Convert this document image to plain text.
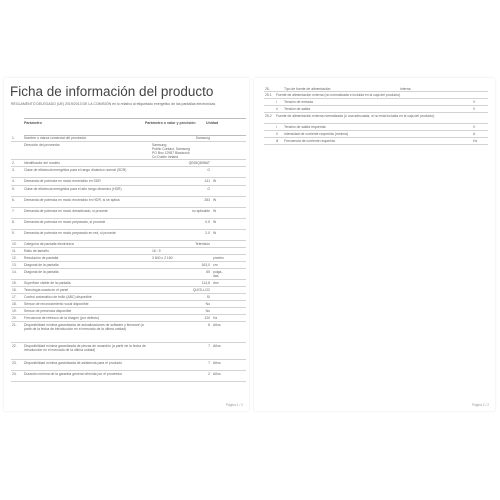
Ficha de información del producto
REGLAMENTO DELEGADO (UE) 2019/2013 DE LA COMISIÓN en lo relativo al etiquetado energético de las pantallas electrónicas
Parámetro	Parámetro o valor y precisión	Unidad
1.	Nombre o marca comercial del proveedor	Samsung
Dirección del proveedor	Samsung
Public Contact, Samsung
PO Box 12987 Blackrock
Co Dublin Ireland
2.	Identificador del modelo	QE65Q80BAT
3.	Clase de eficiencia energética para el rango dinámico normal (SDR)	G
4.	Demanda de potencia en modo encendido en SDR	141 W
5.	Clase de eficiencia energética para el alto rango dinámico (HDR)	G
6.	Demanda de potencia en modo encendido en HDR, si se aplica	283 W
7.	Demanda de potencia en modo desactivado, si procede	no aplicable W
8.	Demanda de potencia en modo preparado, si procede	0.5 W
9.	Demanda de potencia en modo preparado en red, si procede	2.0 W
10.	Categoría de pantalla electrónica	Televisión
11.	Ratio de tamaño	16 : 9
12.	Resolución de pantalla	3 840 x 2 160	píxeles
13.	Diagonal de la pantalla	163,0 cm
14.	Diagonal de la pantalla	65 pulga-
das
15.	Superficie visible de la pantalla	114,8 dm²
16.	Tecnología usada en el panel	QLED-LCD
17.	Control automático de brillo (ABC) disponible	Sí
18.	Sensor de reconocimiento vocal disponible	No
19.	Sensor de presencia disponible	No
20.	Frecuencia de refresco de la imagen (por defecto)	120 Hz
21.	Disponibilidad mínima garantizada de actualizaciones de software y firmware (a partir de la fecha de introducción en el mercado de la última unidad)
8 Años
22.	Disponibilidad mínima garantizada de piezas de recambio (a partir de la fecha de introducción en el mercado de la última unidad)
7 Años
23.	Disponibilidad mínima garantizada de asistencia para el producto	7 Años
24.	Duración mínima de la garantía general ofrecida por el proveedor	2 Años
Página 1 / 2
25.	Tipo de fuente de alimentación:	Interna
25.1	Fuente de alimentación externa (no normalizada e incluida en la caja del producto)
i	Tensión de entrada	V
ii	Tensión de salida	V
25.2	Fuente de alimentación externa normalizada (o una adecuada, si no está incluida en la caja del producto)
i	Tensión de salida requerida	V
ii	Intensidad de corriente requerida (mínima)	A
iii	Frecuencia de corriente requerida	Hz
Página 2 / 2
